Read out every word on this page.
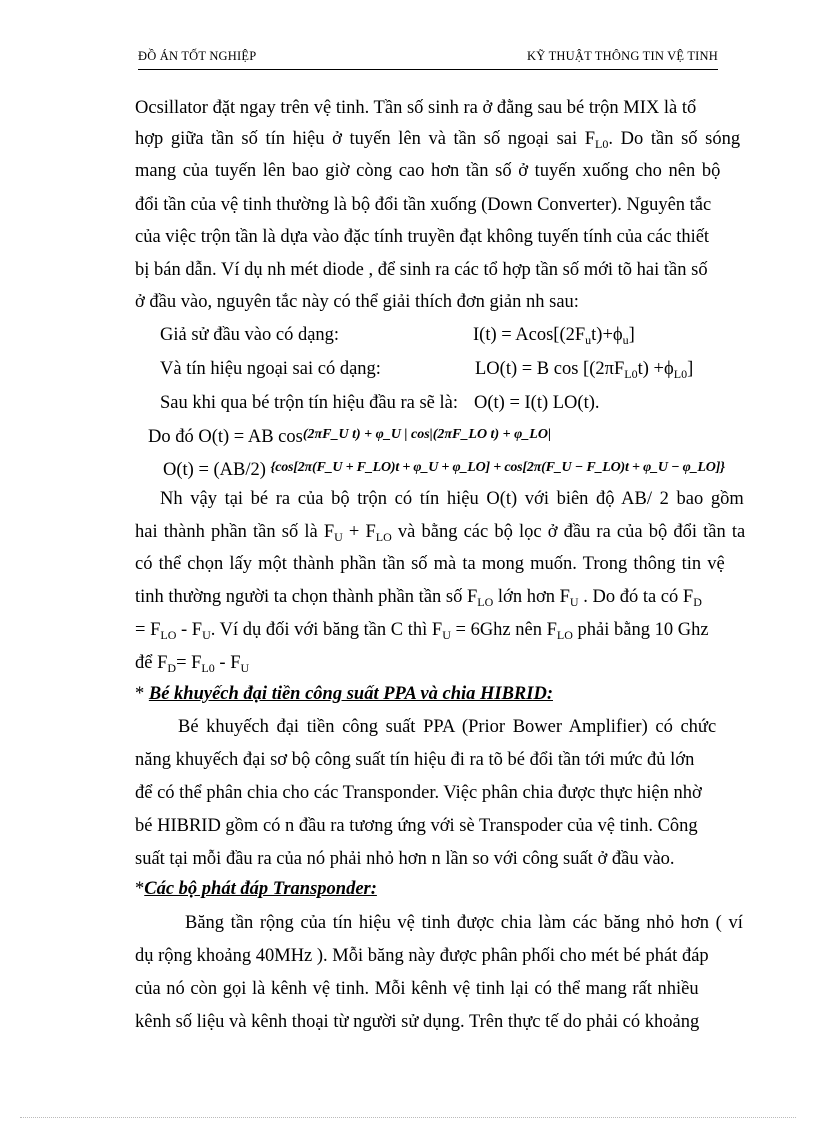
ĐỒ ÁN TỐT NGHIỆP	KỸ THUẬT THÔNG TIN VỆ TINH
Ocsillator đặt ngay trên vệ tinh. Tần số sinh ra ở đằng sau bé trộn MIX là tổ
hợp giữa tần số tín hiệu ở tuyến lên và tần số ngoại sai $F_{L0}$. Do tần số sóng
mang của tuyến lên bao giờ còng cao hơn tần số ở tuyến xuống cho nên bộ
đổi tần của vệ tinh thường là bộ đổi tần xuống (Down Converter). Nguyên tắc
của việc trộn tần là dựa vào đặc tính truyền đạt không tuyến tính của các thiết
bị bán dẫn. Ví dụ nh mét diode , để sinh ra các tổ hợp tần số mới tõ hai tần số
ở đầu vào, nguyên tắc này có thể giải thích đơn giản nh sau:
Giả sử đầu vào có dạng:	$I(t) = Acos[(2F_ut)+\phi_u]$
Và tín hiệu ngoại sai có dạng:	LO(t) = B $\cos [(2\pi F_{L0}t) +\phi_{L0}]$
Sau khi qua bé trộn tín hiệu đầu ra sẽ là: O(t) = I(t) LO(t).
Do đó O(t) = AB $\cos^{(2\pi F\_U t) + \varphi\_U | cos|(2\pi F\_LO t) + \varphi\_LO|}$
O(t) = (AB/2) $^{\{cos[2\pi(F\_U + F\_LO)t + \varphi\_U + \varphi\_LO] + cos[2\pi(F\_U - F\_LO)t + \varphi\_U - \varphi\_LO]\}}$
Nh vậy tại bé ra của bộ trộn có tín hiệu O(t) với biên độ AB/ 2 bao gồm
hai thành phần tần số là $F_U + F_{LO}$ và bằng các bộ lọc ở đầu ra của bộ đổi tần ta
có thể chọn lấy một thành phần tần số mà ta mong muốn. Trong thông tin vệ
tinh thường người ta chọn thành phần tần số $F_{LO}$ lớn hơn $F_U$ . Do đó ta có $F_D$
= $F_{LO} - F_U$. Ví dụ đối với băng tần C thì $F_U = 6Ghz$ nên $F_{LO}$ phải bằng 10 Ghz
để $F_D= F_{L0} - F_U$
* Bé khuyếch đại tiền công suất PPA và chia HIBRID:
Bé khuyếch đại tiền công suất PPA (Prior Bower Amplifier) có chức
năng khuyếch đại sơ bộ công suất tín hiệu đi ra tõ bé đổi tần tới mức đủ lớn
để có thể phân chia cho các Transponder. Việc phân chia được thực hiện nhờ
bé HIBRID gồm có n đầu ra tương ứng với sè Transpoder của vệ tinh. Công
suất tại mỗi đầu ra của nó phải nhỏ hơn n lần so với công suất ở đầu vào.
*Các bộ phát đáp Transponder:
Băng tần rộng của tín hiệu vệ tinh được chia làm các băng nhỏ hơn ( ví
dụ rộng khoảng 40MHz ). Mỗi băng này được phân phối cho mét bé phát đáp
của nó còn gọi là kênh vệ tinh. Mỗi kênh vệ tinh lại có thể mang rất nhiều
kênh số liệu và kênh thoại từ người sử dụng. Trên thực tế do phải có khoảng
